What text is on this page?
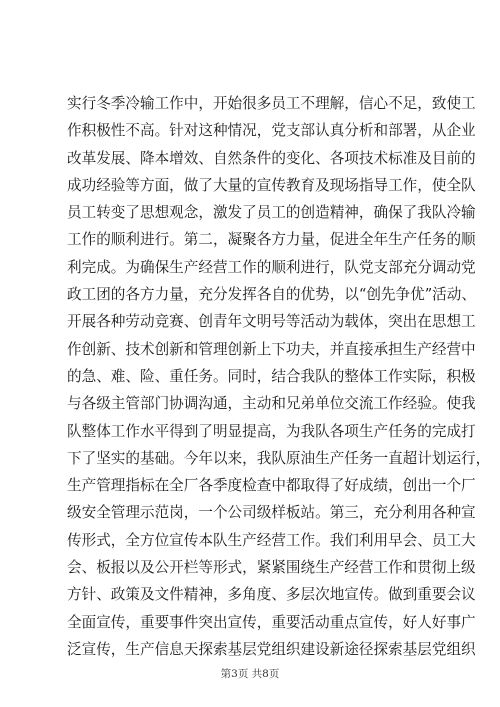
实行冬季冷输工作中，开始很多员工不理解，信心不足，致使工
作积极性不高。针对这种情况，党支部认真分析和部署，从企业
改革发展、降本增效、自然条件的变化、各项技术标准及目前的
成功经验等方面，做了大量的宣传教育及现场指导工作，使全队
员工转变了思想观念，激发了员工的创造精神，确保了我队冷输
工作的顺利进行。第二，凝聚各方力量，促进全年生产任务的顺
利完成。为确保生产经营工作的顺利进行，队党支部充分调动党
政工团的各方力量，充分发挥各自的优势，以“创先争优”活动、
开展各种劳动竞赛、创青年文明号等活动为载体，突出在思想工
作创新、技术创新和管理创新上下功夫，并直接承担生产经营中
的急、难、险、重任务。同时，结合我队的整体工作实际，积极
与各级主管部门协调沟通，主动和兄弟单位交流工作经验。使我
队整体工作水平得到了明显提高，为我队各项生产任务的完成打
下了坚实的基础。今年以来，我队原油生产任务一直超计划运行，
生产管理指标在全厂各季度检查中都取得了好成绩，创出一个厂
级安全管理示范岗，一个公司级样板站。第三，充分利用各种宣
传形式，全方位宣传本队生产经营工作。我们利用早会、员工大
会、板报以及公开栏等形式，紧紧围绕生产经营工作和贯彻上级
方针、政策及文件精神，多角度、多层次地宣传。做到重要会议
全面宣传，重要事件突出宣传，重要活动重点宣传，好人好事广
泛宣传，生产信息天探索基层党组织建设新途径探索基层党组织
第3页 共8页
